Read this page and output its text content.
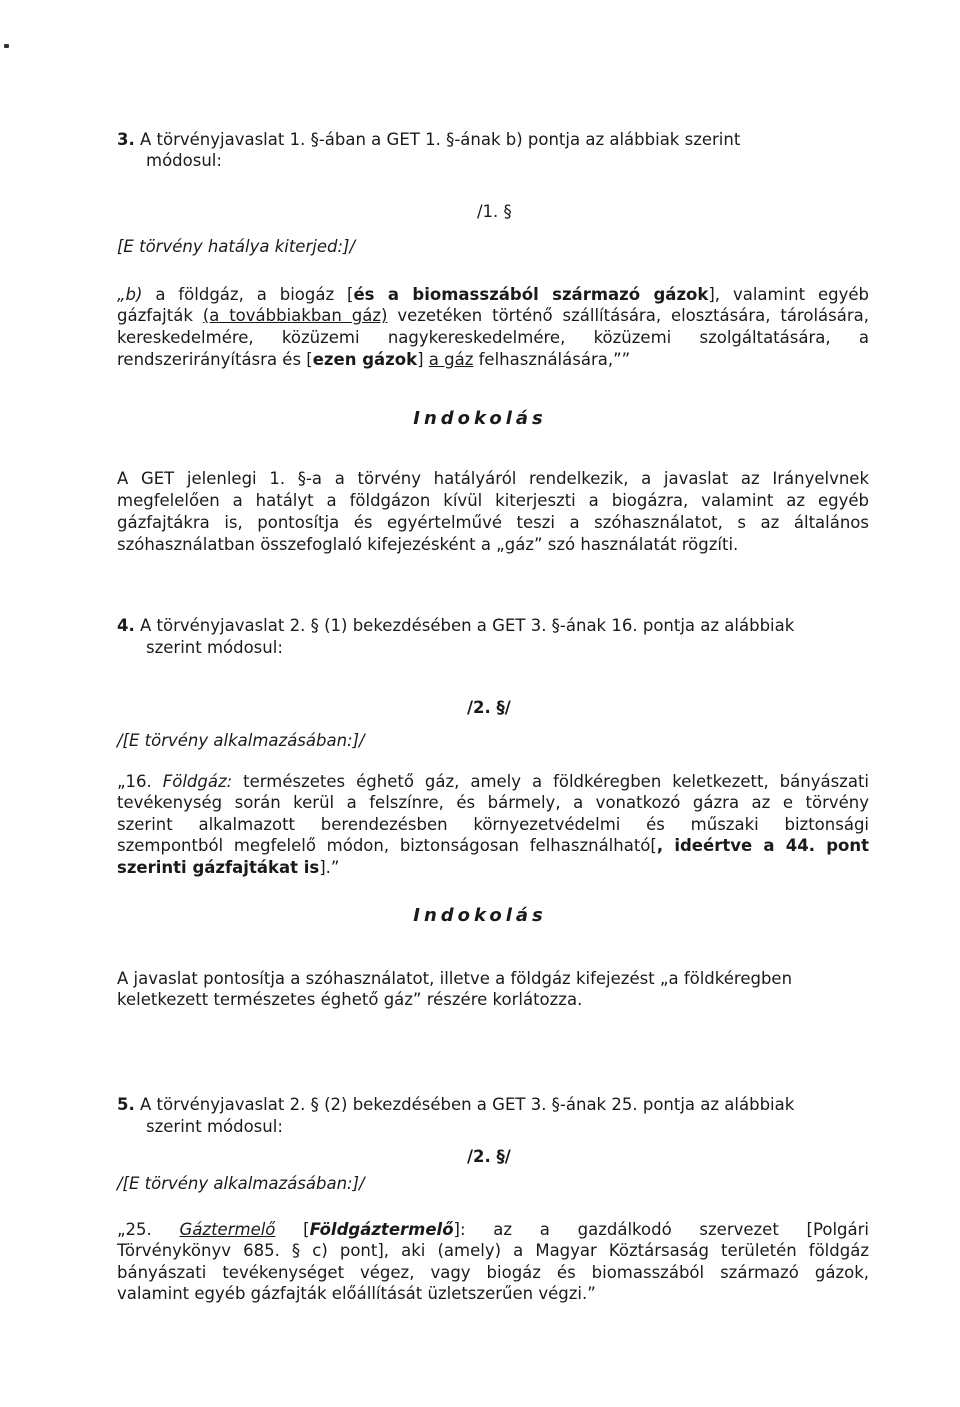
3. A törvényjavaslat 1. §-ában a GET 1. §-ának b) pontja az alábbiak szerint
módosul:
/1. §
[E törvény hatálya kiterjed:]/
„b) a földgáz, a biogáz [és a biomasszából származó gázok], valamint egyéb
gázfajták (a továbbiakban gáz) vezetéken történő szállítására, elosztására, tárolására,
kereskedelmére, közüzemi nagykereskedelmére, közüzemi szolgáltatására, a
rendszerirányításra és [ezen gázok] a gáz felhasználására,””
Indokolás
A GET jelenlegi 1. §-a a törvény hatályáról rendelkezik, a javaslat az Irányelvnek
megfelelően a hatályt a földgázon kívül kiterjeszti a biogázra, valamint az egyéb
gázfajtákra is, pontosítja és egyértelművé teszi a szóhasználatot, s az általános
szóhasználatban összefoglaló kifejezésként a „gáz” szó használatát rögzíti.
4. A törvényjavaslat 2. § (1) bekezdésében a GET 3. §-ának 16. pontja az alábbiak
szerint módosul:
/2. §/
/[E törvény alkalmazásában:]/
„16. Földgáz: természetes éghető gáz, amely a földkéregben keletkezett, bányászati
tevékenység során kerül a felszínre, és bármely, a vonatkozó gázra az e törvény
szerint alkalmazott berendezésben környezetvédelmi és műszaki biztonsági
szempontból megfelelő módon, biztonságosan felhasználható[, ideértve a 44. pont
szerinti gázfajtákat is].”
Indokolás
A javaslat pontosítja a szóhasználatot, illetve a földgáz kifejezést „a földkéregben
keletkezett természetes éghető gáz” részére korlátozza.
5. A törvényjavaslat 2. § (2) bekezdésében a GET 3. §-ának 25. pontja az alábbiak
szerint módosul:
/2. §/
/[E törvény alkalmazásában:]/
„25. Gáztermelő [Földgáztermelő]: az a gazdálkodó szervezet [Polgári
Törvénykönyv 685. § c) pont], aki (amely) a Magyar Köztársaság területén földgáz
bányászati tevékenységet végez, vagy biogáz és biomasszából származó gázok,
valamint egyéb gázfajták előállítását üzletszerűen végzi.”
